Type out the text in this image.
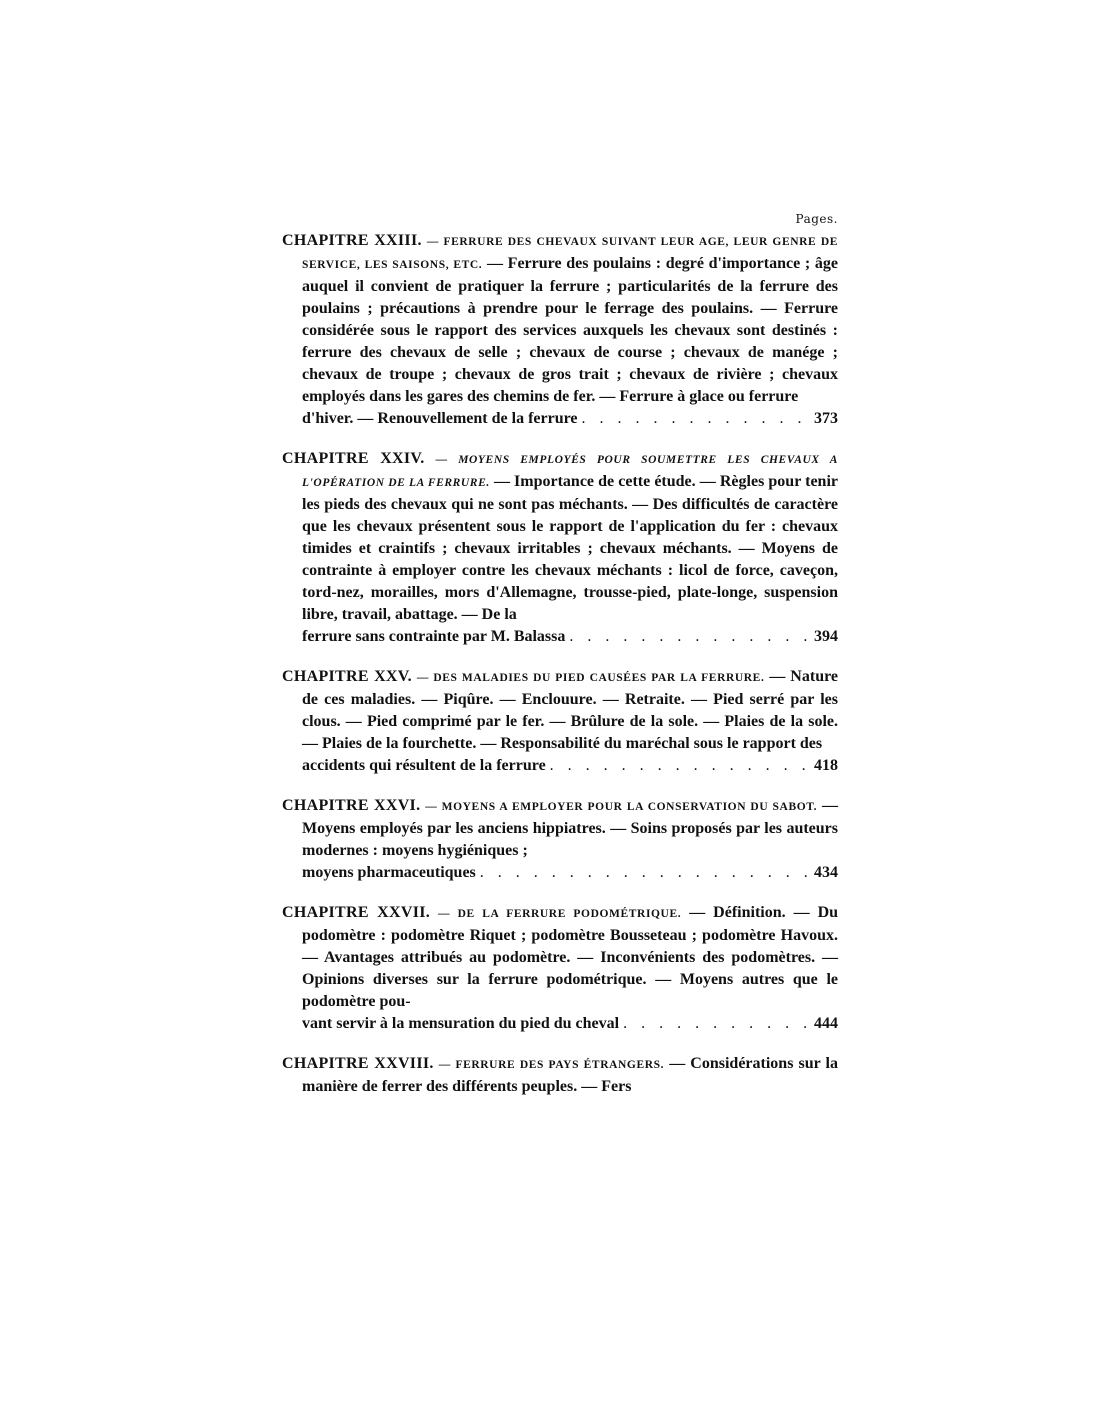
Pages.

CHAPITRE XXIII. — FERRURE DES CHEVAUX SUIVANT LEUR AGE, LEUR GENRE DE SERVICE, LES SAISONS, ETC. — Ferrure des poulains : degré d'importance ; âge auquel il convient de pratiquer la ferrure ; particularités de la ferrure des poulains ; précautions à prendre pour le ferrage des poulains. — Ferrure considérée sous le rapport des services auxquels les chevaux sont destinés : ferrure des chevaux de selle ; chevaux de course ; chevaux de manége ; chevaux de troupe ; chevaux de gros trait ; chevaux de rivière ; chevaux employés dans les gares des chemins de fer. — Ferrure à glace ou ferrure

d'hiver. — Renouvellement de la ferrure . . .	373

CHAPITRE XXIV. — MOYENS EMPLOYÉS POUR SOUMETTRE LES CHEVAUX A L'OPÉRATION DE LA FERRURE. — Importance de cette étude. — Règles pour tenir les pieds des chevaux qui ne sont pas méchants. — Des difficultés de caractère que les chevaux présentent sous le rapport de l'application du fer : chevaux timides et craintifs ; chevaux irritables ; chevaux méchants. — Moyens de contrainte à employer contre les chevaux méchants : licol de force, caveçon, tord-nez, morailles, mors d'Allemagne, trousse-pied, plate-longe, suspension libre, travail, abattage. — De la

ferrure sans contrainte par M. Balassa . . .	394

CHAPITRE XXV. — DES MALADIES DU PIED CAUSÉES PAR LA FERRURE. — Nature de ces maladies. — Piqûre. — Enclouure. — Retraite. — Pied serré par les clous. — Pied comprimé par le fer. — Brûlure de la sole. — Plaies de la sole. — Plaies de la fourchette. — Responsabilité du maréchal sous le rapport des

accidents qui résultent de la ferrure . . .	418

CHAPITRE XXVI. — MOYENS A EMPLOYER POUR LA CONSERVATION DU SABOT. — Moyens employés par les anciens hippiatres. — Soins proposés par les auteurs modernes : moyens hygiéniques ;

moyens pharmaceutiques . . .	434

CHAPITRE XXVII. — DE LA FERRURE PODOMÉTRIQUE. — Définition. — Du podomètre : podomètre Riquet ; podomètre Bousseteau ; podomètre Havoux. — Avantages attribués au podomètre. — Inconvénients des podomètres. — Opinions diverses sur la ferrure podométrique. — Moyens autres que le podomètre pou-

vant servir à la mensuration du pied du cheval . . .	444

CHAPITRE XXVIII. — FERRURE DES PAYS ÉTRANGERS. — Considérations sur la manière de ferrer des différents peuples. — Fers
